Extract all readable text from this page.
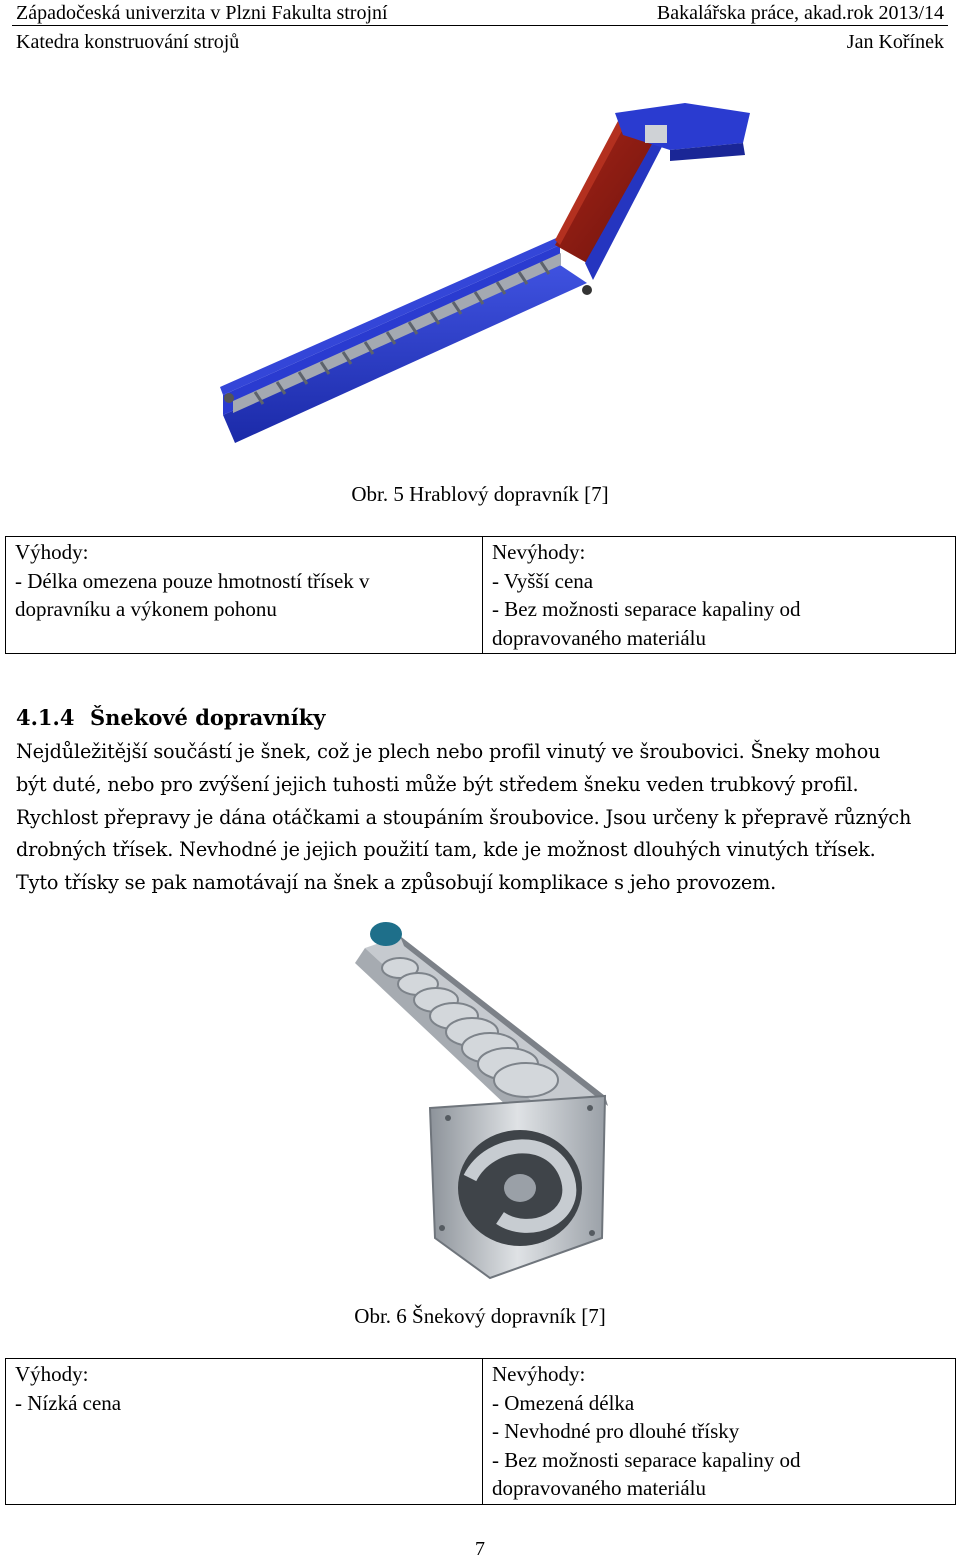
Západočeská univerzita v Plzni Fakulta strojní	Bakalářska práce, akad.rok 2013/14
Katedra konstruování strojů	Jan Kořínek
Obr. 5 Hrablový dopravník [7]
Výhody:
- Délka omezena pouze hmotností třísek v
dopravníku a výkonem pohonu

Nevýhody:
- Vyšší cena
- Bez možnosti separace kapaliny od
dopravovaného materiálu
4.1.4 Šnekové dopravníky
Nejdůležitější součástí je šnek, což je plech nebo profil vinutý ve šroubovici. Šneky mohou
být duté, nebo pro zvýšení jejich tuhosti může být středem šneku veden trubkový profil.
Rychlost přepravy je dána otáčkami a stoupáním šroubovice. Jsou určeny k přepravě různých
drobných třísek. Nevhodné je jejich použití tam, kde je možnost dlouhých vinutých třísek.
Tyto třísky se pak namotávají na šnek a způsobují komplikace s jeho provozem.
Obr. 6 Šnekový dopravník [7]
Výhody:
- Nízká cena

Nevýhody:
- Omezená délka
- Nevhodné pro dlouhé třísky
- Bez možnosti separace kapaliny od
dopravovaného materiálu
7
